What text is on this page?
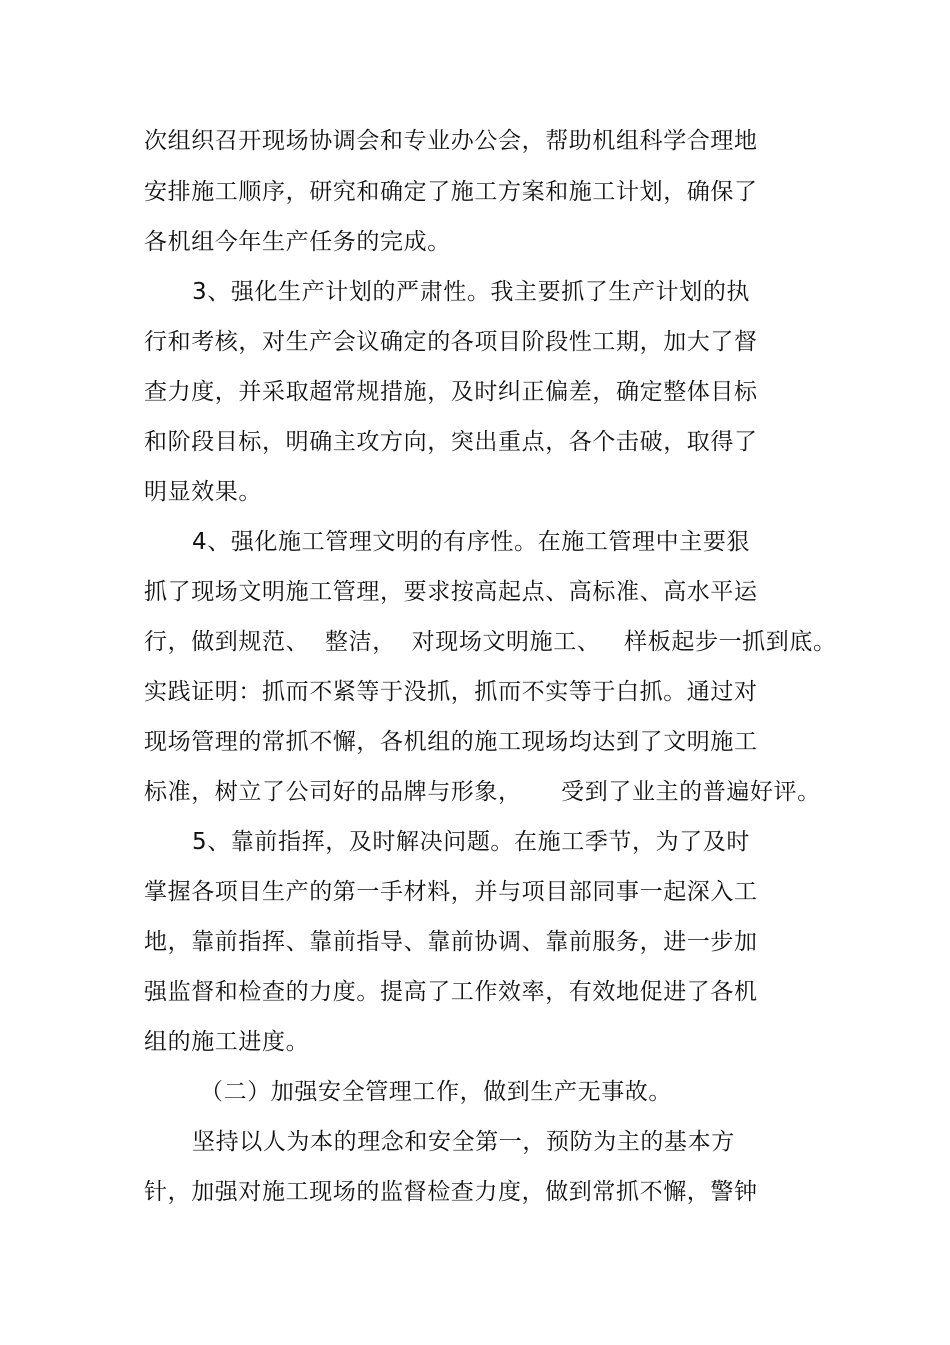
次组织召开现场协调会和专业办公会，帮助机组科学合理地
安排施工顺序，研究和确定了施工方案和施工计划，确保了
各机组今年生产任务的完成。
3、强化生产计划的严肃性。我主要抓了生产计划的执
行和考核，对生产会议确定的各项目阶段性工期，加大了督
查力度，并采取超常规措施，及时纠正偏差，确定整体目标
和阶段目标，明确主攻方向，突出重点，各个击破，取得了
明显效果。
4、强化施工管理文明的有序性。在施工管理中主要狠
抓了现场文明施工管理，要求按高起点、高标准、高水平运
行，做到规范、  整洁，  对现场文明施工、   样板起步一抓到底。
实践证明：抓而不紧等于没抓，抓而不实等于白抓。通过对
现场管理的常抓不懈，各机组的施工现场均达到了文明施工
标准，树立了公司好的品牌与形象，     受到了业主的普遍好评。
5、靠前指挥，及时解决问题。在施工季节，为了及时
掌握各项目生产的第一手材料，并与项目部同事一起深入工
地，靠前指挥、靠前指导、靠前协调、靠前服务，进一步加
强监督和检查的力度。提高了工作效率，有效地促进了各机
组的施工进度。
（二）加强安全管理工作，做到生产无事故。
坚持以人为本的理念和安全第一，预防为主的基本方
针，加强对施工现场的监督检查力度，做到常抓不懈，警钟
